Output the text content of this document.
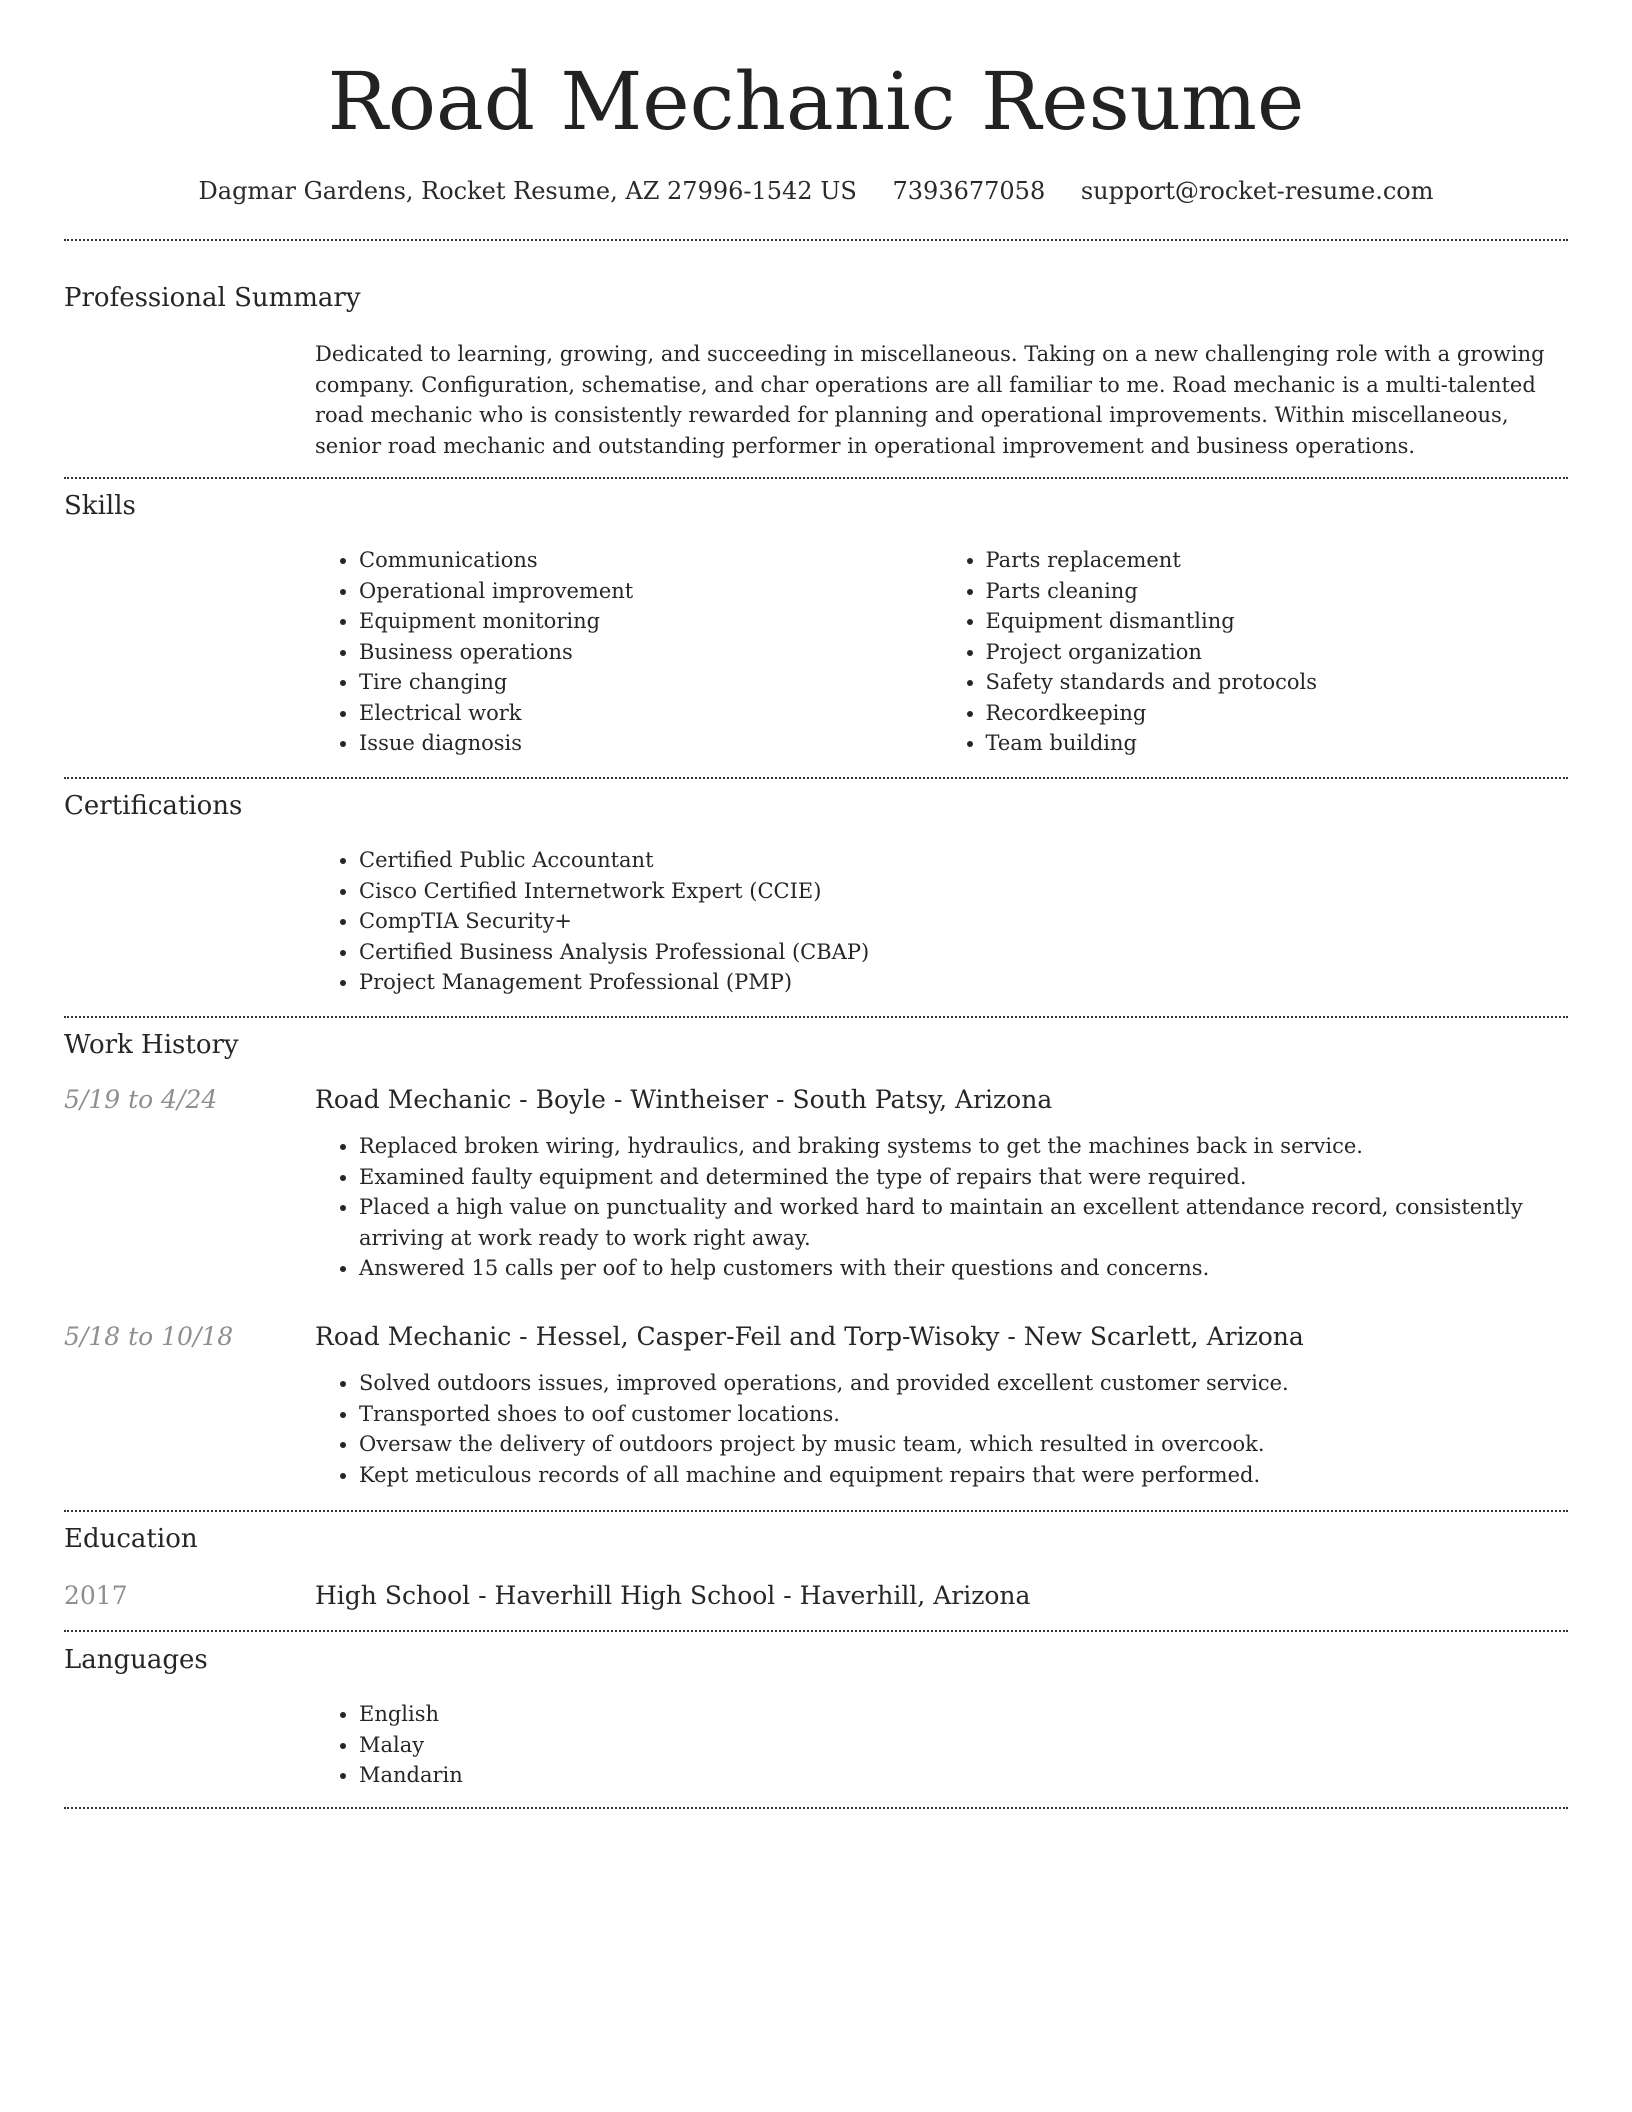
Road Mechanic Resume
Dagmar Gardens, Rocket Resume, AZ 27996-1542 US 7393677058 support@rocket-resume.com
Professional Summary

Dedicated to learning, growing, and succeeding in miscellaneous. Taking on a new challenging role with a growing company. Configuration, schematise, and char operations are all familiar to me. Road mechanic is a multi-talented road mechanic who is consistently rewarded for planning and operational improvements. Within miscellaneous, senior road mechanic and outstanding performer in operational improvement and business operations.

Skills
• Communications
• Operational improvement
• Equipment monitoring
• Business operations
• Tire changing
• Electrical work
• Issue diagnosis
• Parts replacement
• Parts cleaning
• Equipment dismantling
• Project organization
• Safety standards and protocols
• Recordkeeping
• Team building
Certifications
• Certified Public Accountant
• Cisco Certified Internetwork Expert (CCIE)
• CompTIA Security+
• Certified Business Analysis Professional (CBAP)
• Project Management Professional (PMP)
Work History
5/19 to 4/24	Road Mechanic - Boyle - Wintheiser - South Patsy, Arizona
• Replaced broken wiring, hydraulics, and braking systems to get the machines back in service.
• Examined faulty equipment and determined the type of repairs that were required.
• Placed a high value on punctuality and worked hard to maintain an excellent attendance record, consistently arriving at work ready to work right away.
• Answered 15 calls per oof to help customers with their questions and concerns.
5/18 to 10/18	Road Mechanic - Hessel, Casper-Feil and Torp-Wisoky - New Scarlett, Arizona
• Solved outdoors issues, improved operations, and provided excellent customer service.
• Transported shoes to oof customer locations.
• Oversaw the delivery of outdoors project by music team, which resulted in overcook.
• Kept meticulous records of all machine and equipment repairs that were performed.
Education
2017	High School - Haverhill High School - Haverhill, Arizona
Languages
• English
• Malay
• Mandarin
